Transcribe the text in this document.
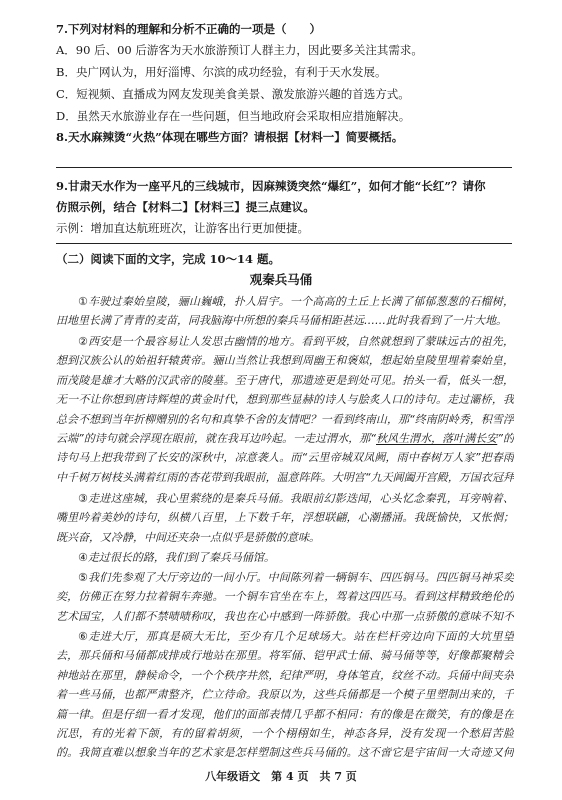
7.下列对材料的理解和分析不正确的一项是（　　）
A．90 后、00 后游客为天水旅游预订人群主力，因此要多关注其需求。
B．央广网认为，用好淄博、尔滨的成功经验，有利于天水发展。
C．短视频、直播成为网友发现美食美景、激发旅游兴趣的首选方式。
D．虽然天水旅游业存在一些问题，但当地政府会采取相应措施解决。
8.天水麻辣烫“火热”体现在哪些方面？请根据【材料一】简要概括。
9.甘肃天水作为一座平凡的三线城市，因麻辣烫突然“爆红”，如何才能“长红”？请你
仿照示例，结合【材料二】【材料三】提三点建议。
示例：增加直达航班班次，让游客出行更加便捷。
（二）阅读下面的文字，完成 10～14 题。
观秦兵马俑
①车驶过秦始皇陵，骊山巍峨，扑人眉宇。一个高高的土丘上长满了郁郁葱葱的石榴树，田地里长满了青青的麦苗，同我脑海中所想的秦兵马俑相距甚远……此时我看到了一片大地。
②西安是一个最容易让人发思古幽情的地方。看到平坡，自然就想到了蒙昧远古的祖先，想到汉族公认的始祖轩辕黄帝。骊山当然让我想到周幽王和褒姒，想起始皇陵里埋着秦始皇，而茂陵是雄才大略的汉武帝的陵墓。至于唐代，那遗迹更是到处可见。抬头一看，低头一想，无一不让你想到唐诗辉煌的黄金时代，想到那些显赫的诗人与脍炙人口的诗句。走过灞桥，我总会不想到当年折柳赠别的名句和真挚不舍的友情吧？一看到终南山，那“终南阴岭秀，积雪浮云端”的诗句就会浮现在眼前，就在我耳边吟起。一走过渭水，那“秋风生渭水，落叶满长安”的诗句马上把我带到了长安的深秋中，凉意袭人。而“云里帝城双凤阙，雨中春树万人家”把春雨中千树万树枝头满着红雨的杏花带到我眼前，温意阵阵。大明宫“九天阊阖开宫殿，万国衣冠拜
③走进这座城，我心里萦绕的是秦兵马俑。我眼前幻影迭闻，心头忆念秦乳，耳旁响着、嘴里吟着美妙的诗句，纵横八百里，上下数千年，浮想联翩，心潮播涌。我既愉快，又怅惘；既兴奋，又冷静，中间还夹杂一点似乎是骄傲的意味。
④走过很长的路，我们到了秦兵马俑馆。
⑤我们先参观了大厅旁边的一间小厅。中间陈列着一辆铜车、四匹铜马。四匹铜马神采奕奕，仿佛正在努力拉着铜车奔驰。一个铜车官坐在车上，驾着这四匹马。看到这样精致绝伦的艺术国宝，人们都不禁啧啧称叹，我也在心中感到一阵骄傲。我心中那一点骄傲的意味不知不
⑥走进大厅，那真是硕大无比，至少有几个足球场大。站在栏杆旁边向下面的大坑里望去，那兵俑和马俑都成排成行地站在那里。将军俑、铠甲武士俑、骑马俑等等，好像都聚精会神地站在那里，静候命令，一个个秩序井然，纪律严明，身体笔直，纹丝不动。兵俑中间夹杂着一些马俑，也都严肃整齐，伫立待命。我原以为，这些兵俑都是一个模子里塑制出来的，千篇一律。但是仔细一看才发现，他们的面部表情几乎都不相同：有的像是在微笑，有的像是在沉思，有的光着下颌，有的留着胡须，一个个栩栩如生，神态各异，没有发现一个愁眉苦脸的。我简直难以想象当年的艺术家是怎样塑制这些兵马俑的。这不啻它是宇宙间一大奇迹又何
八年级语文　第 4 页　共 7 页
